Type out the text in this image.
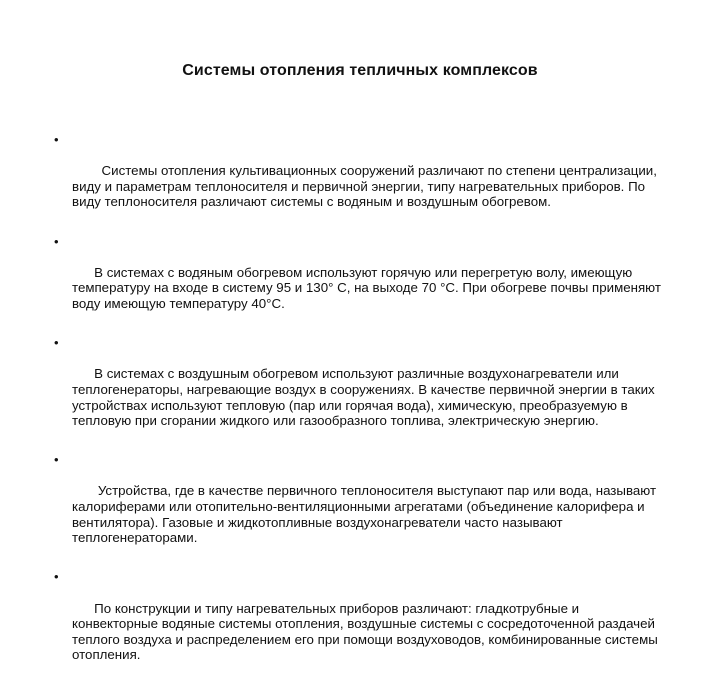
Системы отопления тепличных комплексов

•

Системы отопления культивационных сооружений различают по степени централизации, виду и параметрам теплоносителя и первичной энергии, типу нагревательных приборов. По виду теплоносителя различают системы с водяным и воздушным обогревом.

•

В системах с водяным обогревом используют горячую или перегретую волу, имеющую температуру на входе в систему 95 и 130° С, на выходе 70 °С. При обогреве почвы применяют воду имеющую температуру 40°С.

•

В системах с воздушным обогревом используют различные воздухонагреватели или теплогенераторы, нагревающие воздух в сооружениях. В качестве первичной энергии в таких устройствах используют тепловую (пар или горячая вода), химическую, преобразуемую в тепловую при сгорании жидкого или газообразного топлива, электрическую энергию.

•

Устройства, где в качестве первичного теплоносителя выступают пар или вода, называют калориферами или отопительно-вентиляционными агрегатами (объединение калорифера и вентилятора). Газовые и жидкотопливные воздухонагреватели часто называют теплогенераторами.

•

По конструкции и типу нагревательных приборов различают: гладкотрубные и конвекторные водяные системы отопления, воздушные системы с сосредоточенной раздачей теплого воздуха и распределением его при помощи воздуховодов, комбинированные системы отопления.
